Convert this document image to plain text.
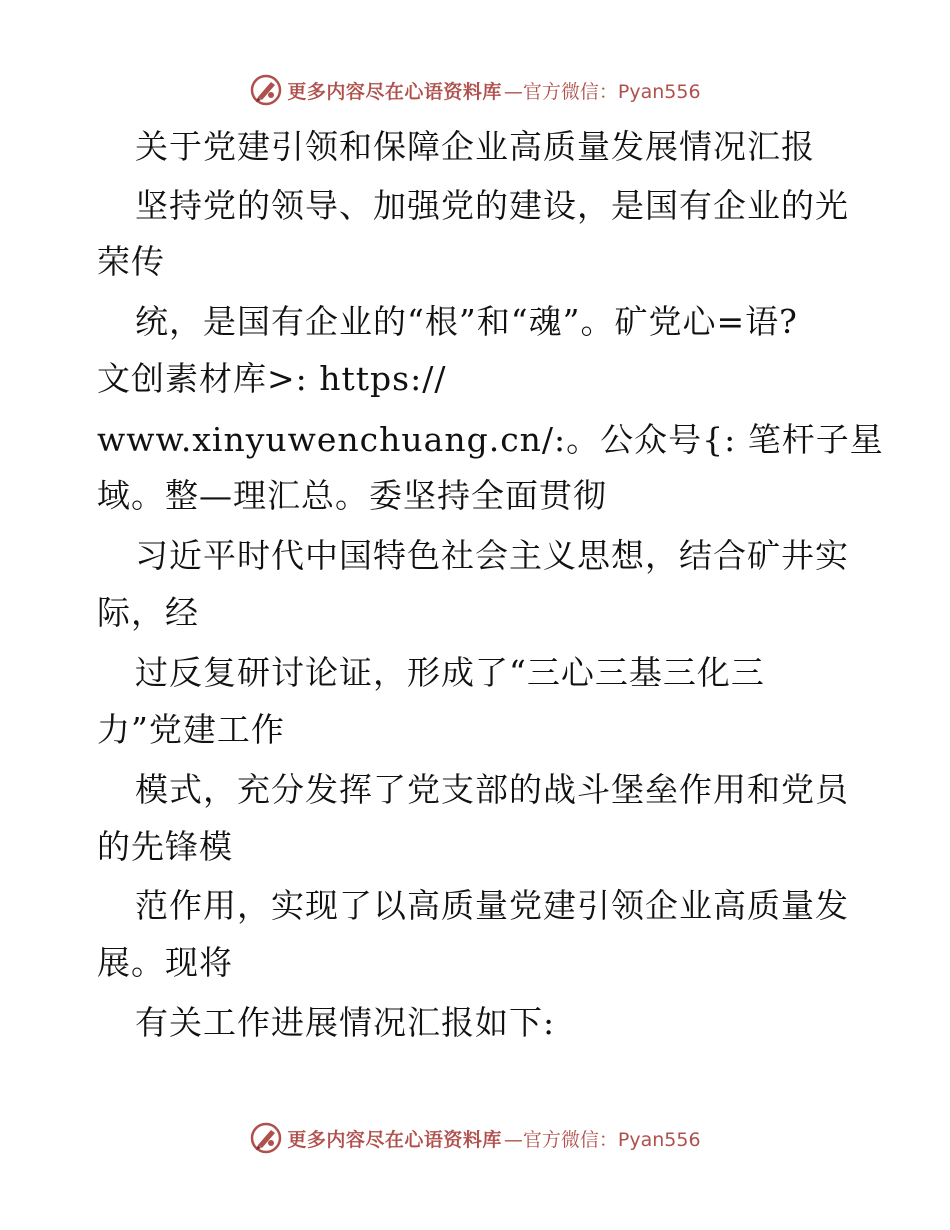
更多内容尽在心语资料库 —官方微信：Pyan556
关于党建引领和保障企业高质量发展情况汇报
坚持党的领导、加强党的建设，是国有企业的光
荣传
统，是国有企业的“根”和“魂”。矿党心=语?
文创素材库>: https://
www.xinyuwenchuang.cn/:。公众号{: 笔杆子星
域。整—理汇总。委坚持全面贯彻
习近平时代中国特色社会主义思想，结合矿井实
际，经
过反复研讨论证，形成了“三心三基三化三
力”党建工作
模式，充分发挥了党支部的战斗堡垒作用和党员
的先锋模
范作用，实现了以高质量党建引领企业高质量发
展。现将
有关工作进展情况汇报如下:
更多内容尽在心语资料库 —官方微信：Pyan556
